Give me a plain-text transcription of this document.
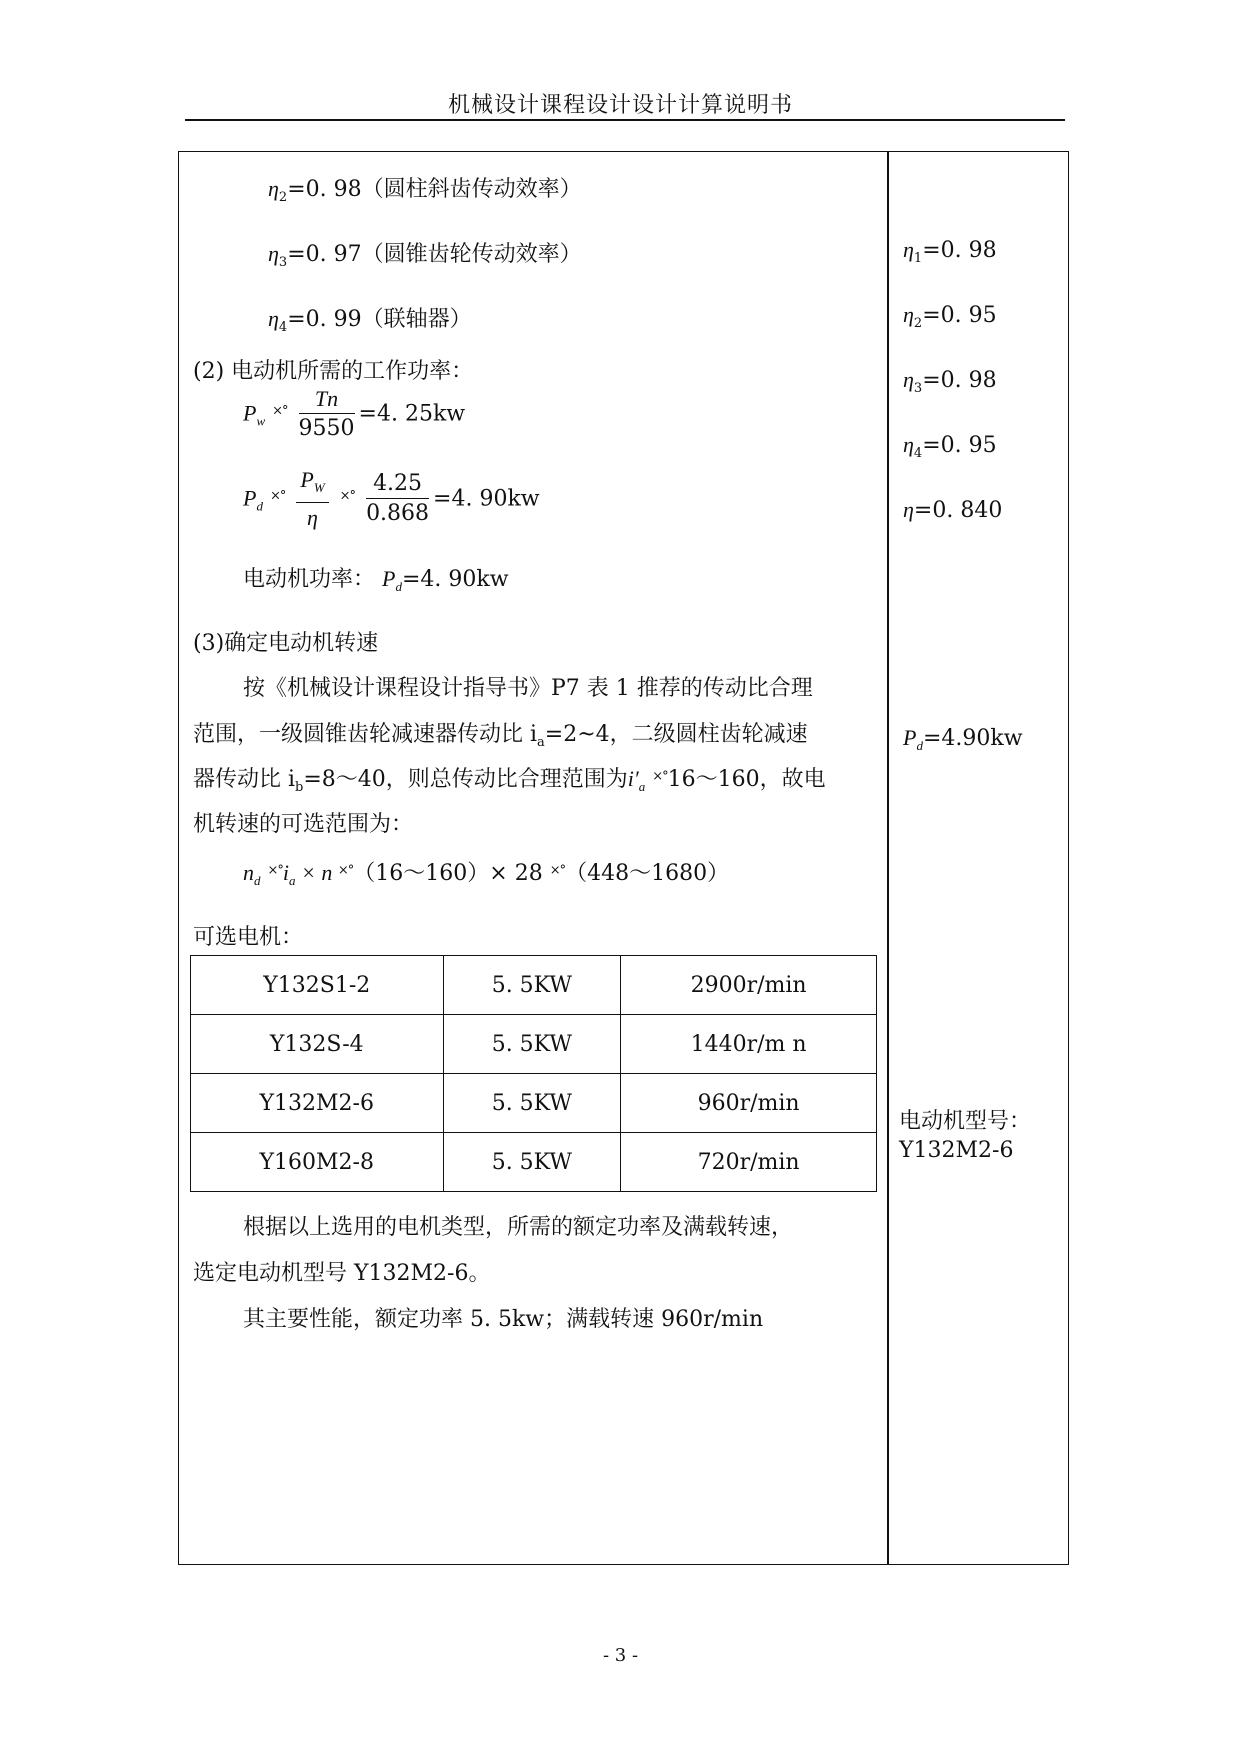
机械设计课程设计设计计算说明书
$\eta_2=0$. 98（圆柱斜齿传动效率）
$\eta_3=0$. 97（圆锥齿轮传动效率）
$\eta_4=0$. 99（联轴器）
(2) 电动机所需的工作功率：
$P_w$ $^{\times^\circ} \frac{Tn}{9550} =4$. 25kw
$P_d$ $^{\times^\circ} \frac{P_W}{\eta} ^{\times^\circ} \frac{4.25}{0.868} =4$. 90kw
电动机功率： $P_d=4$. 90kw
(3)确定电动机转速
按《机械设计课程设计指导书》P7 表 1 推荐的传动比合理
范围，一级圆锥齿轮减速器传动比 $i_a=2\sim 4$，二级圆柱齿轮减速
器传动比 $i_b=8\sim 40$，则总传动比合理范围为$i'_a$ ×°16～160，故电
机转速的可选范围为：
$n_d$ $^{\times^\circ}i_a \times n$ ×°（16～160）× 28 ×°（448～1680）
可选电机：
Y132S1-2	5. 5KW	2900r/min
Y132S-4	5. 5KW	1440r/m n
Y132M2-6	5. 5KW	960r/min
Y160M2-8	5. 5KW	720r/min
根据以上选用的电机类型，所需的额定功率及满载转速，
选定电动机型号 Y132M2-6。
其主要性能，额定功率 5. 5kw；满载转速 960r/min
$\eta_1=0$. 98
$\eta_2=0$. 95
$\eta_3=0$. 98
$\eta_4=0$. 95
η=0. 840
$P_d=4.90kw$
电动机型号：
Y132M2-6
- 3 -
